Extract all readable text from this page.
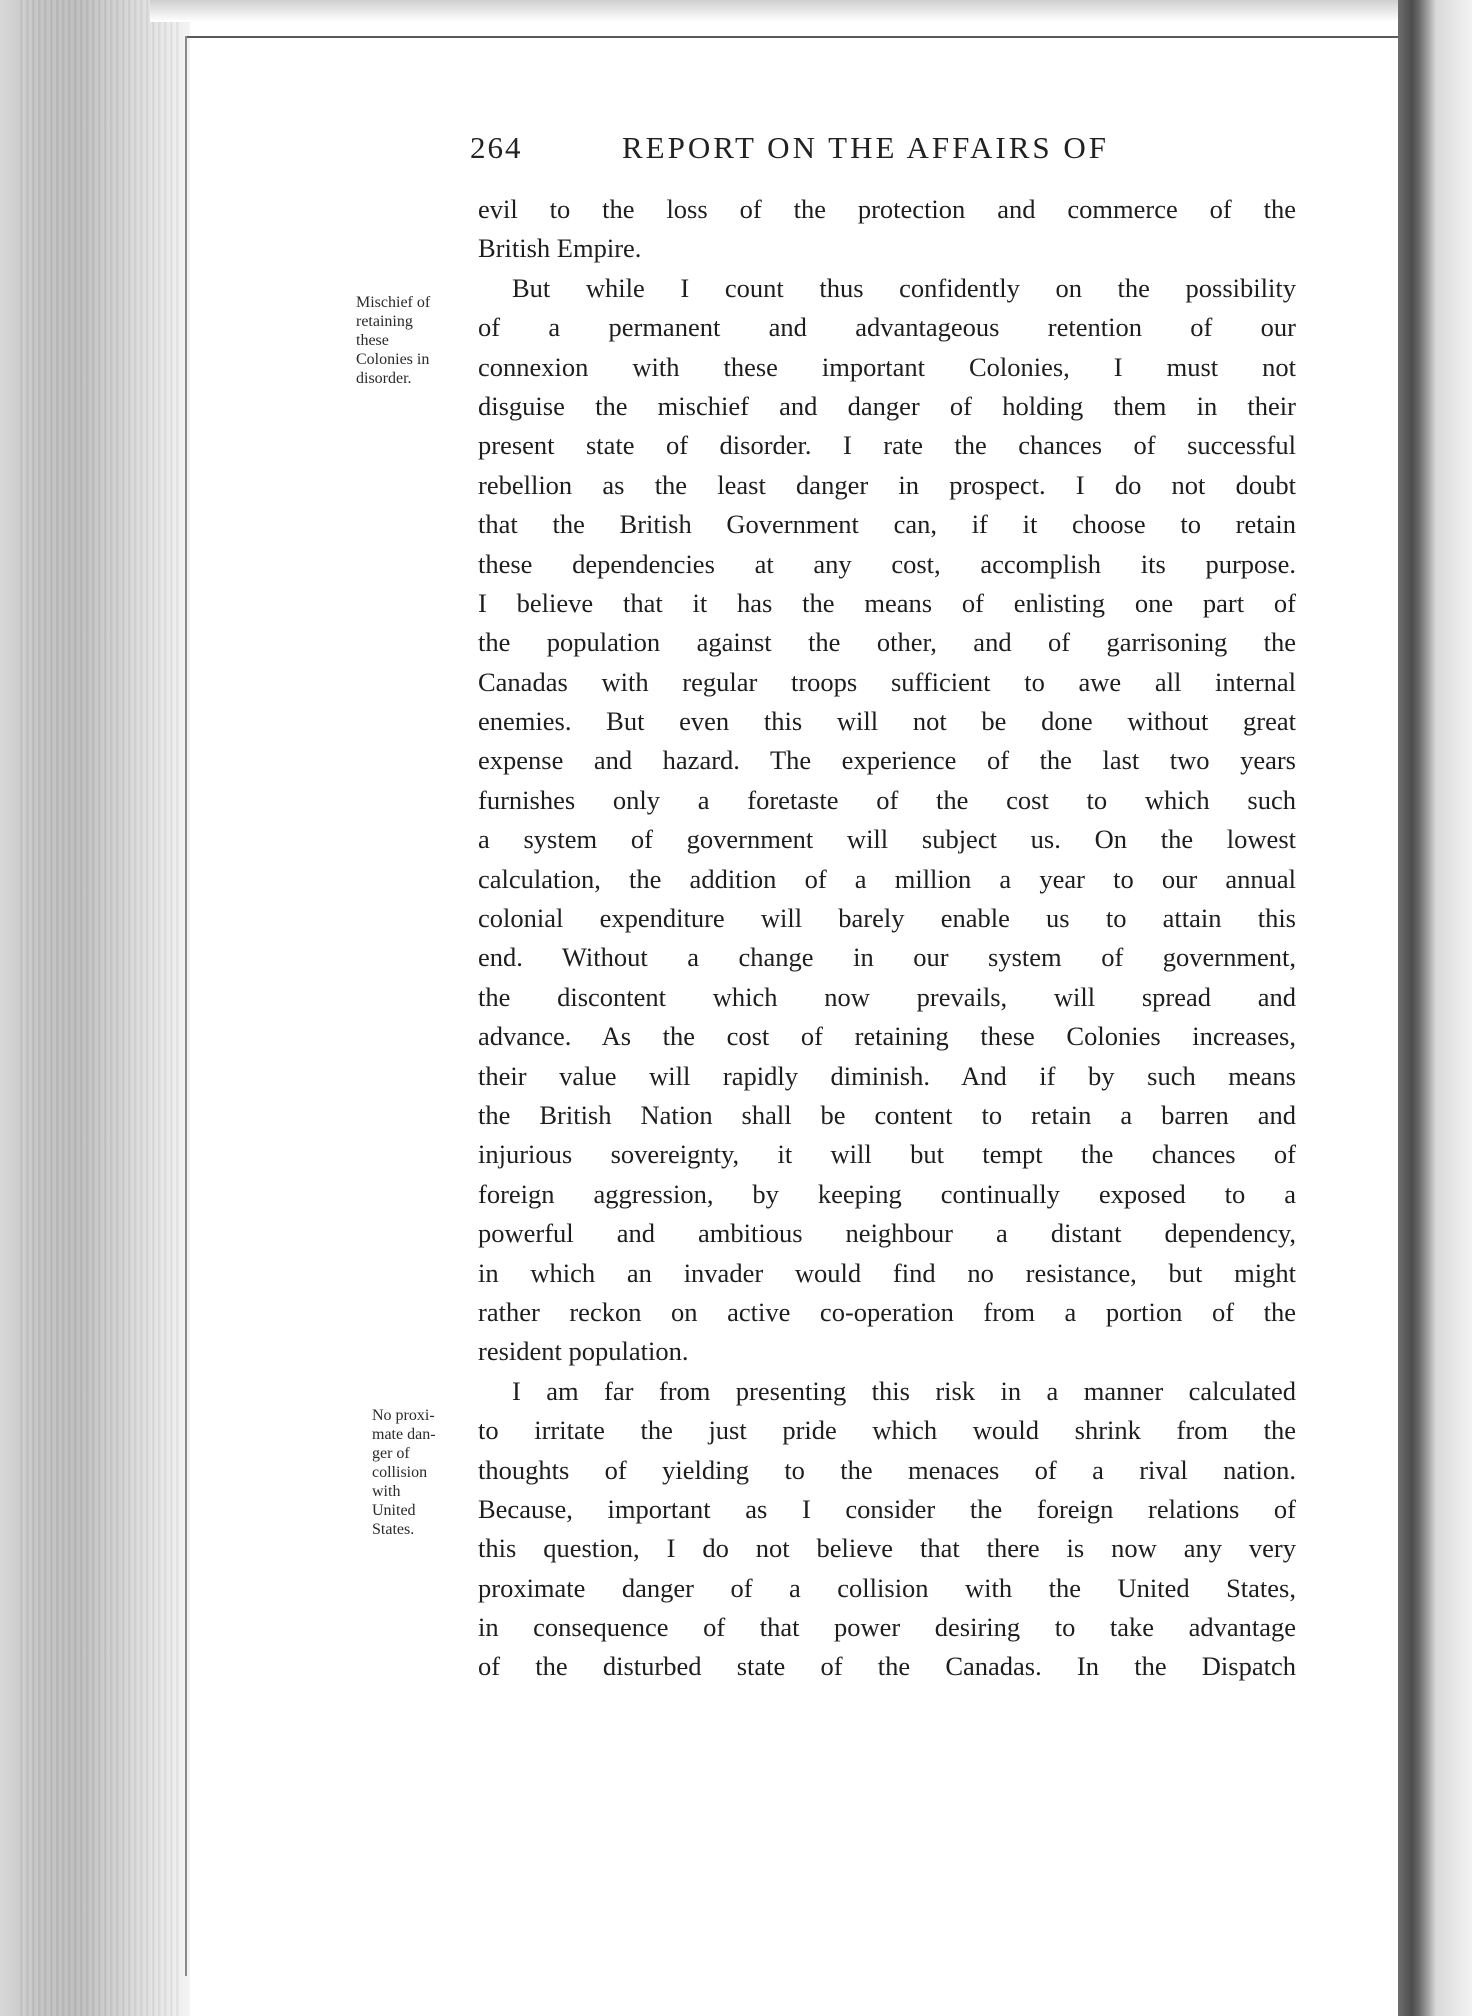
264	REPORT ON THE AFFAIRS OF
Mischief of
retaining
these
Colonies in
disorder.
No proxi-
mate dan-
ger of
collision
with
United
States.
evil to the loss of the protection and commerce of the
British Empire.
But while I count thus confidently on the possibility
of a permanent and advantageous retention of our
connexion with these important Colonies, I must not
disguise the mischief and danger of holding them in their
present state of disorder. I rate the chances of successful
rebellion as the least danger in prospect. I do not doubt
that the British Government can, if it choose to retain
these dependencies at any cost, accomplish its purpose.
I believe that it has the means of enlisting one part of
the population against the other, and of garrisoning the
Canadas with regular troops sufficient to awe all internal
enemies. But even this will not be done without great
expense and hazard. The experience of the last two years
furnishes only a foretaste of the cost to which such
a system of government will subject us. On the lowest
calculation, the addition of a million a year to our annual
colonial expenditure will barely enable us to attain this
end. Without a change in our system of government,
the discontent which now prevails, will spread and
advance. As the cost of retaining these Colonies increases,
their value will rapidly diminish. And if by such means
the British Nation shall be content to retain a barren and
injurious sovereignty, it will but tempt the chances of
foreign aggression, by keeping continually exposed to a
powerful and ambitious neighbour a distant dependency,
in which an invader would find no resistance, but might
rather reckon on active co-operation from a portion of the
resident population.
I am far from presenting this risk in a manner calculated
to irritate the just pride which would shrink from the
thoughts of yielding to the menaces of a rival nation.
Because, important as I consider the foreign relations of
this question, I do not believe that there is now any very
proximate danger of a collision with the United States,
in consequence of that power desiring to take advantage
of the disturbed state of the Canadas. In the Dispatch
